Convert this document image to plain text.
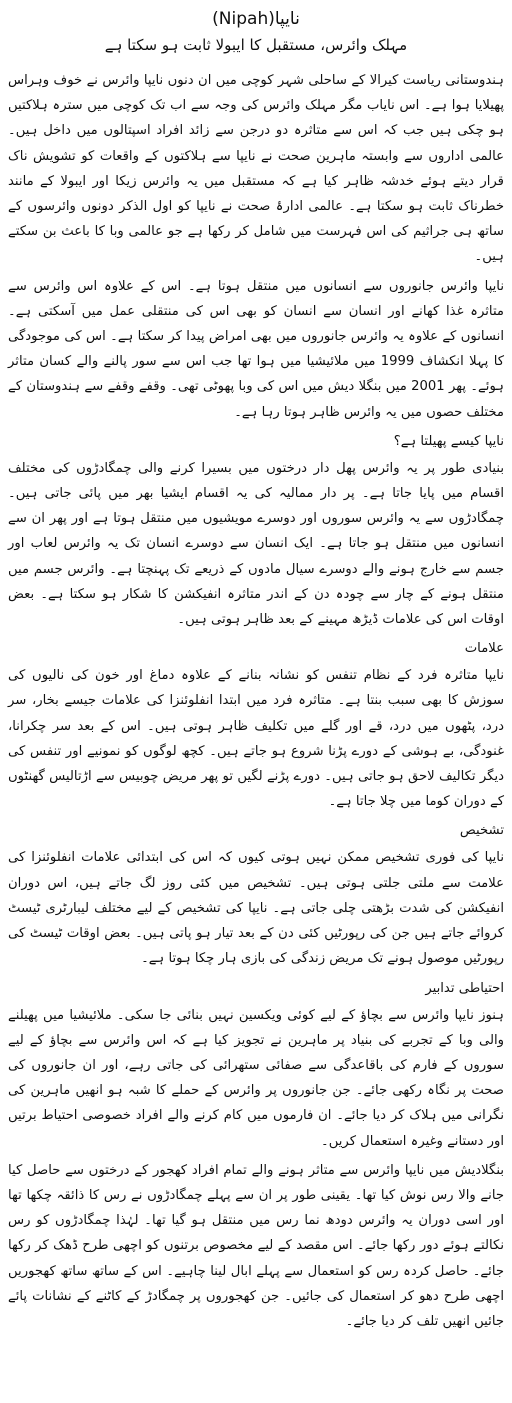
نایپا(Nipah)
مہلک وائرس، مستقبل کا ایبولا ثابت ہو سکتا ہے
ہندوستانی ریاست کیرالا کے ساحلی شہر کوچی میں ان دنوں نایپا وائرس نے خوف وہراس پھیلایا ہوا ہے۔ اس نایاب مگر مہلک وائرس کی وجہ سے اب تک کوچی میں سترہ ہلاکتیں ہو چکی ہیں جب کہ اس سے متاثرہ دو درجن سے زائد افراد اسپتالوں میں داخل ہیں۔ عالمی اداروں سے وابستہ ماہرین صحت نے نایپا سے ہلاکتوں کے واقعات کو تشویش ناک قرار دیتے ہوئے خدشہ ظاہر کیا ہے کہ مستقبل میں یہ وائرس زیکا اور ایبولا کے مانند خطرناک ثابت ہو سکتا ہے۔ عالمی ادارۂ صحت نے نایپا کو اول الذکر دونوں وائرسوں کے ساتھ ہی جراثیم کی اس فہرست میں شامل کر رکھا ہے جو عالمی وبا کا باعث بن سکتے ہیں۔
نایپا وائرس جانوروں سے انسانوں میں منتقل ہوتا ہے۔ اس کے علاوہ اس وائرس سے متاثرہ غذا کھانے اور انسان سے انسان کو بھی اس کی منتقلی عمل میں آسکتی ہے۔ انسانوں کے علاوہ یہ وائرس جانوروں میں بھی امراض پیدا کر سکتا ہے۔ اس کی موجودگی کا پہلا انکشاف 1999 میں ملائیشیا میں ہوا تھا جب اس سے سور پالنے والے کسان متاثر ہوئے۔ پھر 2001 میں بنگلا دیش میں اس کی وبا پھوٹی تھی۔ وقفے وقفے سے ہندوستان کے مختلف حصوں میں یہ وائرس ظاہر ہوتا رہا ہے۔
نایپا کیسے پھیلتا ہے؟
بنیادی طور پر یہ وائرس پھل دار درختوں میں بسیرا کرنے والی چمگادڑوں کی مختلف اقسام میں پایا جاتا ہے۔ پر دار ممالیہ کی یہ اقسام ایشیا بھر میں پائی جاتی ہیں۔ چمگادڑوں سے یہ وائرس سوروں اور دوسرے مویشیوں میں منتقل ہوتا ہے اور پھر ان سے انسانوں میں منتقل ہو جاتا ہے۔ ایک انسان سے دوسرے انسان تک یہ وائرس لعاب اور جسم سے خارج ہونے والے دوسرے سیال مادوں کے ذریعے تک پہنچتا ہے۔ وائرس جسم میں منتقل ہونے کے چار سے چودہ دن کے اندر متاثرہ انفیکشن کا شکار ہو سکتا ہے۔ بعض اوقات اس کی علامات ڈیڑھ مہینے کے بعد ظاہر ہوتی ہیں۔
علامات
نایپا متاثرہ فرد کے نظام تنفس کو نشانہ بنانے کے علاوہ دماغ اور خون کی نالیوں کی سوزش کا بھی سبب بنتا ہے۔ متاثرہ فرد میں ابتدا انفلوئنزا کی علامات جیسے بخار، سر درد، پٹھوں میں درد، قے اور گلے میں تکلیف ظاہر ہوتی ہیں۔ اس کے بعد سر چکرانا، غنودگی، بے ہوشی کے دورے پڑنا شروع ہو جاتے ہیں۔ کچھ لوگوں کو نمونیے اور تنفس کی دیگر تکالیف لاحق ہو جاتی ہیں۔ دورے پڑنے لگیں تو پھر مریض چوبیس سے اڑتالیس گھنٹوں کے دوران کوما میں چلا جاتا ہے۔
تشخیص
نایپا کی فوری تشخیص ممکن نہیں ہوتی کیوں کہ اس کی ابتدائی علامات انفلوئنزا کی علامت سے ملتی جلتی ہوتی ہیں۔ تشخیص میں کئی روز لگ جاتے ہیں، اس دوران انفیکشن کی شدت بڑھتی چلی جاتی ہے۔ نایپا کی تشخیص کے لیے مختلف لیبارٹری ٹیسٹ کروائے جاتے ہیں جن کی رپورٹیں کئی دن کے بعد تیار ہو پاتی ہیں۔ بعض اوقات ٹیسٹ کی رپورٹیں موصول ہونے تک مریض زندگی کی بازی ہار چکا ہوتا ہے۔
احتیاطی تدابیر
ہنوز نایپا وائرس سے بچاؤ کے لیے کوئی ویکسین نہیں بنائی جا سکی۔ ملائیشیا میں پھیلنے والی وبا کے تجربے کی بنیاد پر ماہرین نے تجویز کیا ہے کہ اس وائرس سے بچاؤ کے لیے سوروں کے فارم کی باقاعدگی سے صفائی ستھرائی کی جاتی رہے، اور ان جانوروں کی صحت پر نگاہ رکھی جائے۔ جن جانوروں پر وائرس کے حملے کا شبہ ہو انھیں ماہرین کی نگرانی میں ہلاک کر دیا جائے۔ ان فارموں میں کام کرنے والے افراد خصوصی احتیاط برتیں اور دستانے وغیرہ استعمال کریں۔
بنگلادیش میں نایپا وائرس سے متاثر ہونے والے تمام افراد کھجور کے درختوں سے حاصل کیا جانے والا رس نوش کیا تھا۔ یقینی طور پر ان سے پہلے چمگادڑوں نے رس کا ذائقہ چکھا تھا اور اسی دوران یہ وائرس دودھ نما رس میں منتقل ہو گیا تھا۔ لہٰذا چمگادڑوں کو رس نکالتے ہوئے دور رکھا جائے۔ اس مقصد کے لیے مخصوص برتنوں کو اچھی طرح ڈھک کر رکھا جائے۔ حاصل کردہ رس کو استعمال سے پہلے ابال لینا چاہیے۔ اس کے ساتھ ساتھ کھجوریں اچھی طرح دھو کر استعمال کی جائیں۔ جن کھجوروں پر چمگادڑ کے کاٹنے کے نشانات پائے جائیں انھیں تلف کر دیا جائے۔
